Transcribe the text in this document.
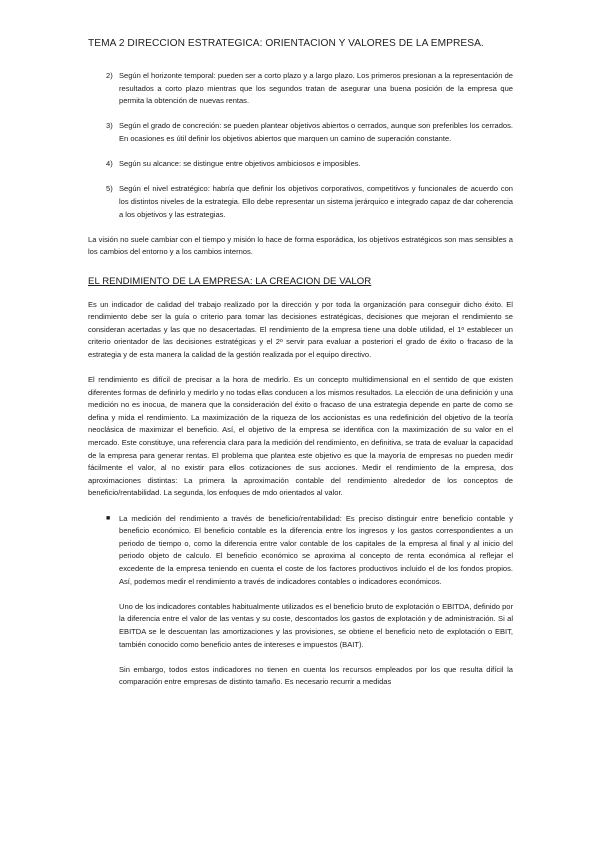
TEMA 2 DIRECCION ESTRATEGICA: ORIENTACION Y VALORES DE LA EMPRESA.
2) Según el horizonte temporal: pueden ser a corto plazo y a largo plazo. Los primeros presionan a la representación de resultados a corto plazo mientras que los segundos tratan de asegurar una buena posición de la empresa que permita la obtención de nuevas rentas.
3) Según el grado de concreción: se pueden plantear objetivos abiertos o cerrados, aunque son preferibles los cerrados. En ocasiones es útil definir los objetivos abiertos que marquen un camino de superación constante.
4) Según su alcance: se distingue entre objetivos ambiciosos e imposibles.
5) Según el nivel estratégico: habría que definir los objetivos corporativos, competitivos y funcionales de acuerdo con los distintos niveles de la estrategia. Ello debe representar un sistema jerárquico e integrado capaz de dar coherencia a los objetivos y las estrategias.

La visión no suele cambiar con el tiempo y misión lo hace de forma esporádica, los objetivos estratégicos son mas sensibles a los cambios del entorno y a los cambios internos.

EL RENDIMIENTO DE LA EMPRESA: LA CREACION DE VALOR

Es un indicador de calidad del trabajo realizado por la dirección y por toda la organización para conseguir dicho éxito. El rendimiento debe ser la guía o criterio para tomar las decisiones estratégicas, decisiones que mejoran el rendimiento se consideran acertadas y las que no desacertadas. El rendimiento de la empresa tiene una doble utilidad, el 1º establecer un criterio orientador de las decisiones estratégicas y el 2º servir para evaluar a posteriori el grado de éxito o fracaso de la estrategia y de esta manera la calidad de la gestión realizada por el equipo directivo.

El rendimiento es difícil de precisar a la hora de medirlo. Es un concepto multidimensional en el sentido de que existen diferentes formas de definirlo y medirlo y no todas ellas conducen a los mismos resultados. La elección de una definición y una medición no es inocua, de manera que la consideración del éxito o fracaso de una estrategia depende en parte de como se defina y mida el rendimiento. La maximización de la riqueza de los accionistas es una redefinición del objetivo de la teoría neoclásica de maximizar el beneficio. Así, el objetivo de la empresa se identifica con la maximización de su valor en el mercado. Este constituye, una referencia clara para la medición del rendimiento, en definitiva, se trata de evaluar la capacidad de la empresa para generar rentas. El problema que plantea este objetivo es que la mayoría de empresas no pueden medir fácilmente el valor, al no existir para ellos cotizaciones de sus acciones. Medir el rendimiento de la empresa, dos aproximaciones distintas: La primera la aproximación contable del rendimiento alrededor de los conceptos de beneficio/rentabilidad. La segunda, los enfoques de mdo orientados al valor.

■ La medición del rendimiento a través de beneficio/rentabilidad: Es preciso distinguir entre beneficio contable y beneficio económico. El beneficio contable es la diferencia entre los ingresos y los gastos correspondientes a un periodo de tiempo o, como la diferencia entre valor contable de los capitales de la empresa al final y al inicio del periodo objeto de calculo. El beneficio económico se aproxima al concepto de renta económica al reflejar el excedente de la empresa teniendo en cuenta el coste de los factores productivos incluido el de los fondos propios. Así, podemos medir el rendimiento a través de indicadores contables o indicadores económicos.

Uno de los indicadores contables habitualmente utilizados es el beneficio bruto de explotación o EBITDA, definido por la diferencia entre el valor de las ventas y su coste, descontados los gastos de explotación y de administración. Si al EBITDA se le descuentan las amortizaciones y las provisiones, se obtiene el beneficio neto de explotación o EBIT, también conocido como beneficio antes de intereses e impuestos (BAIT).

Sin embargo, todos estos indicadores no tienen en cuenta los recursos empleados por los que resulta difícil la comparación entre empresas de distinto tamaño. Es necesario recurrir a medidas
